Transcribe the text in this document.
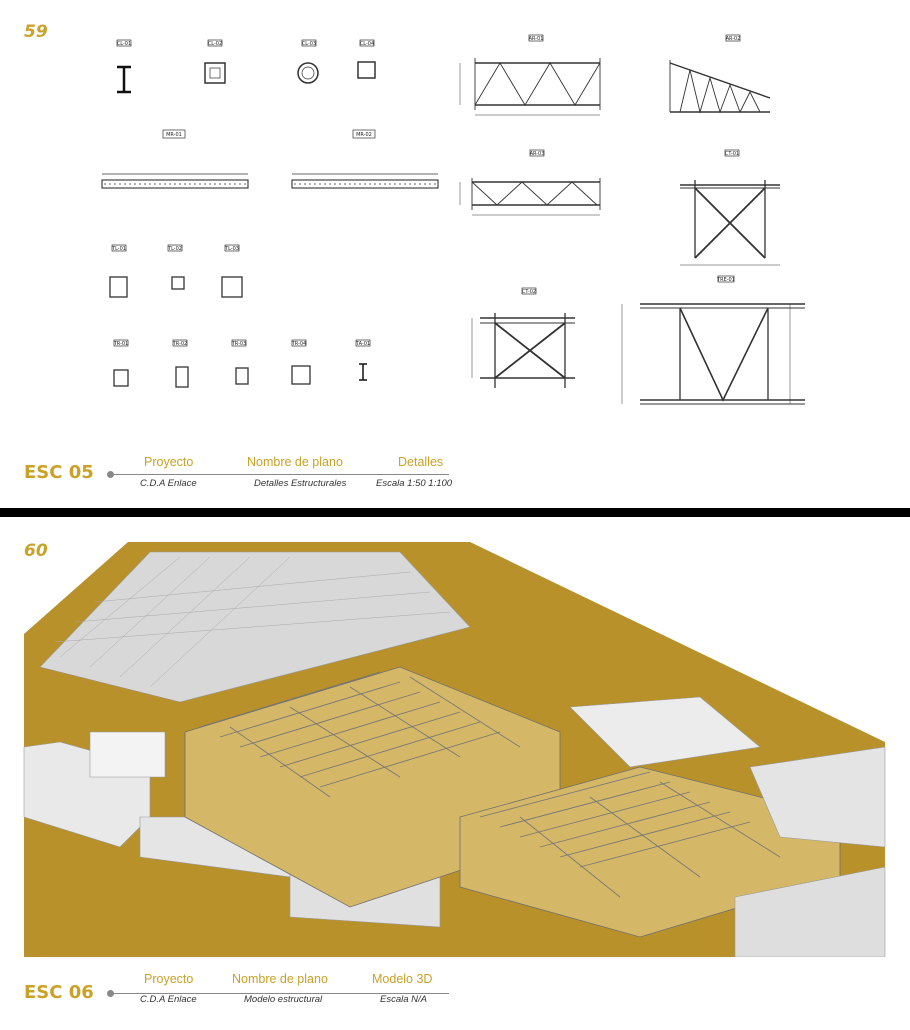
59
CL-01	CL-02	CL-03	CL-04
MR-01	MR-02
TL-01	TL-02	TL-03
TR-01	TR-02	TR-03	TR-04	TA-01
AR-01	AR-02
AR-03	CT-01
CT-02
TRE-01
ESC 05	Proyecto	Nombre de plano	Detalles
C.D.A Enlace	Detalles Estructurales	Escala 1:50 1:100
60
ESC 06
Proyecto	Nombre de plano	Modelo 3D
C.D.A Enlace	Modelo estructural	Escala N/A
